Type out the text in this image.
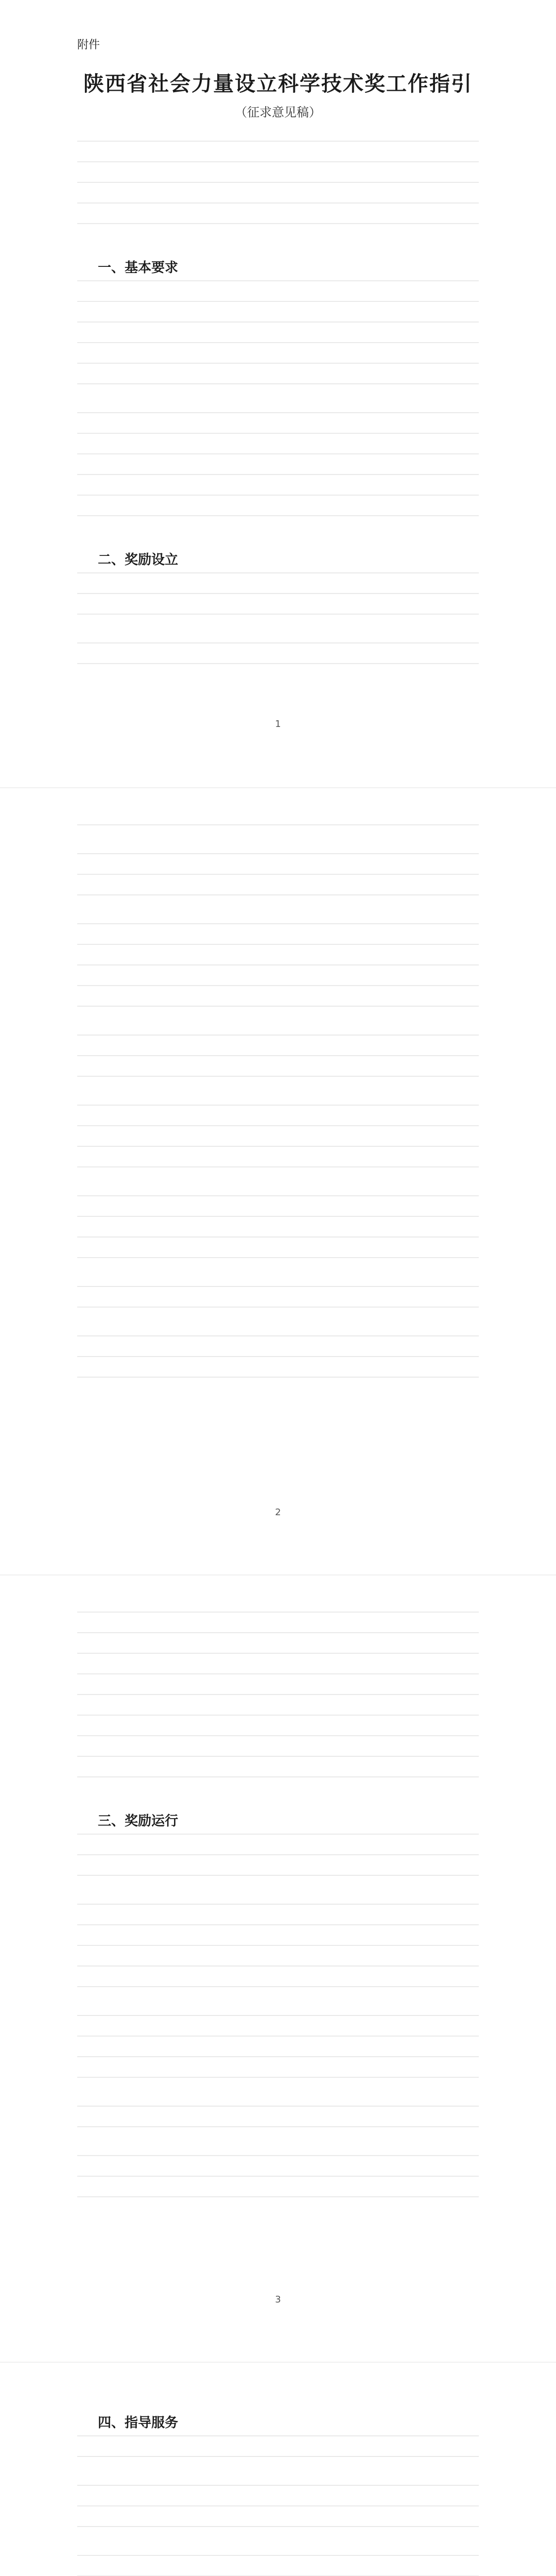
附件
陕西省社会力量设立科学技术奖工作指引
（征求意见稿）
一、基本要求
二、奖励设立
1
2
三、奖励运行
3
四、指导服务
